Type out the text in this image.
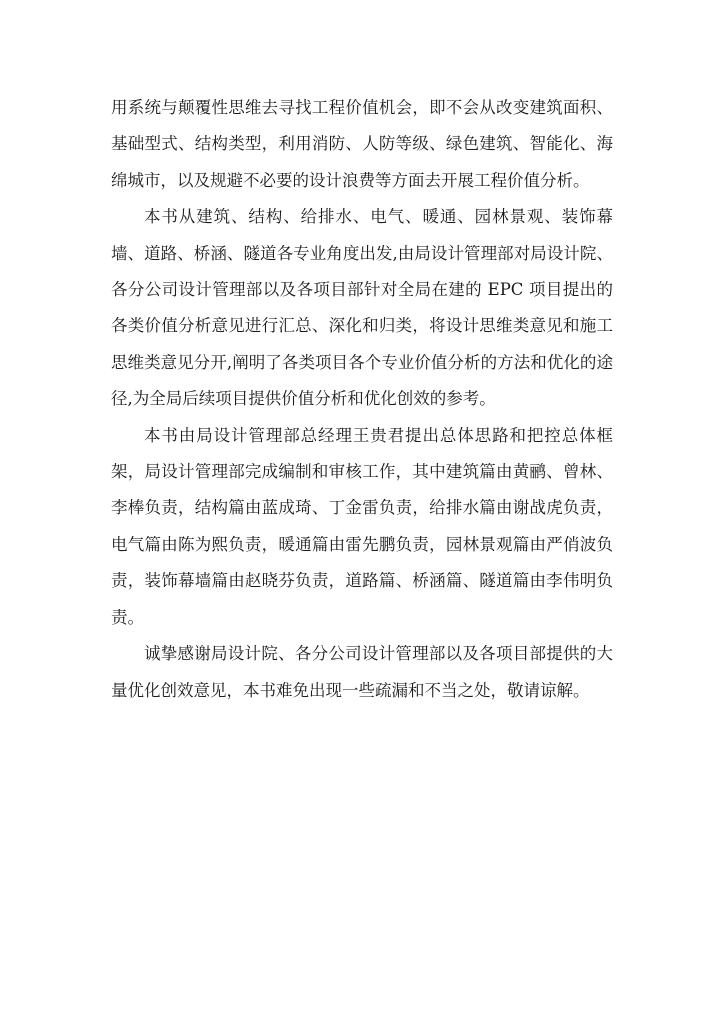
用系统与颠覆性思维去寻找工程价值机会，即不会从改变建筑面积、基础型式、结构类型，利用消防、人防等级、绿色建筑、智能化、海绵城市，以及规避不必要的设计浪费等方面去开展工程价值分析。

本书从建筑、结构、给排水、电气、暖通、园林景观、装饰幕墙、道路、桥涵、隧道各专业角度出发,由局设计管理部对局设计院、各分公司设计管理部以及各项目部针对全局在建的 EPC 项目提出的各类价值分析意见进行汇总、深化和归类，将设计思维类意见和施工思维类意见分开,阐明了各类项目各个专业价值分析的方法和优化的途径,为全局后续项目提供价值分析和优化创效的参考。

本书由局设计管理部总经理王贵君提出总体思路和把控总体框架，局设计管理部完成编制和审核工作，其中建筑篇由黄鹂、曾林、李棒负责，结构篇由蓝成琦、丁金雷负责，给排水篇由谢战虎负责，电气篇由陈为熙负责，暖通篇由雷先鹏负责，园林景观篇由严俏波负责，装饰幕墙篇由赵晓芬负责，道路篇、桥涵篇、隧道篇由李伟明负责。

诚挚感谢局设计院、各分公司设计管理部以及各项目部提供的大量优化创效意见，本书难免出现一些疏漏和不当之处，敬请谅解。
